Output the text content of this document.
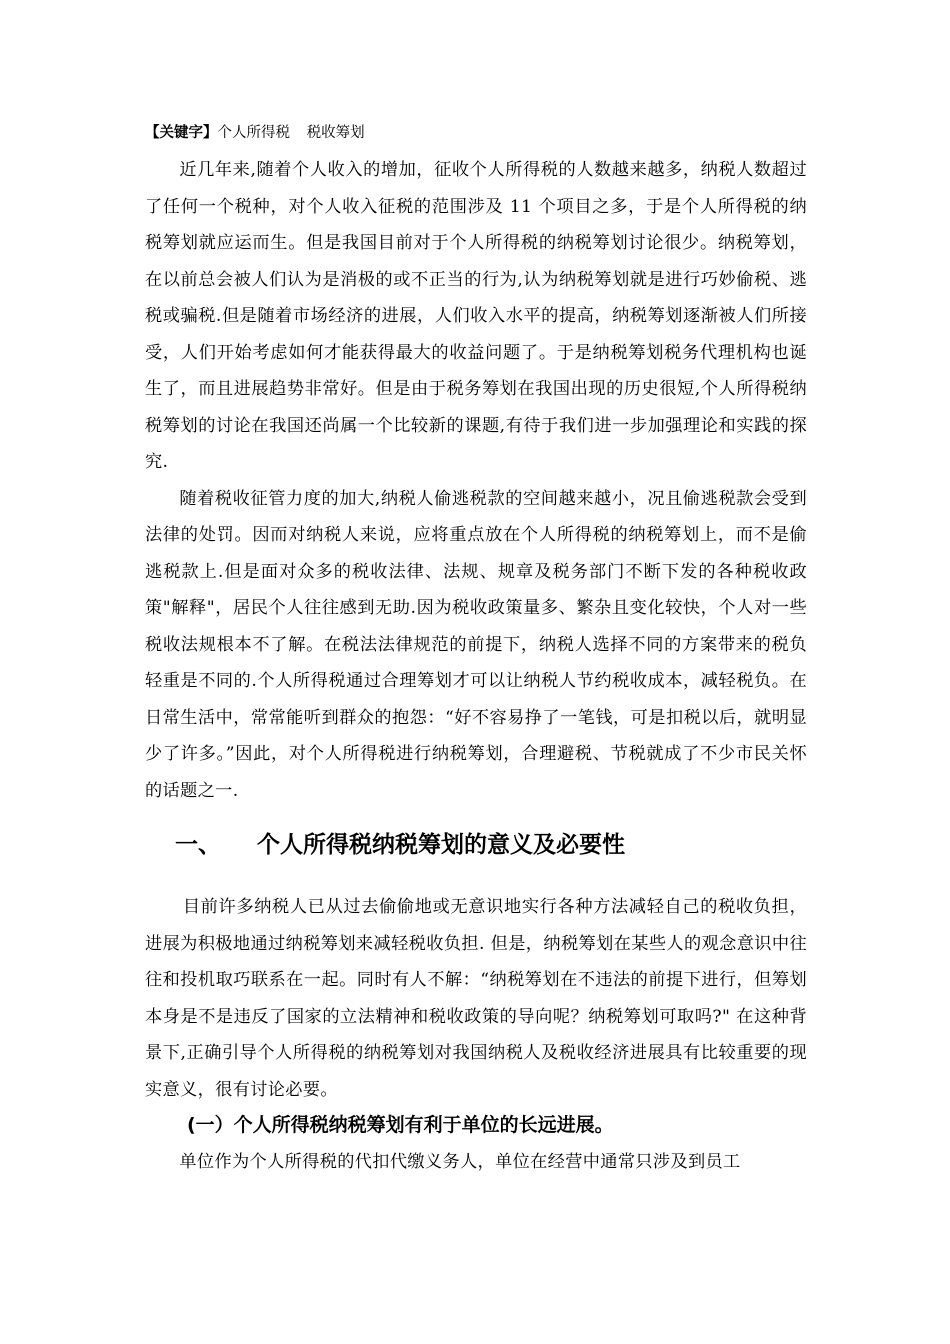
【关键字】个人所得税 税收筹划

近几年来,随着个人收入的增加，征收个人所得税的人数越来越多，纳税人数超过了任何一个税种，对个人收入征税的范围涉及 11 个项目之多，于是个人所得税的纳税筹划就应运而生。但是我国目前对于个人所得税的纳税筹划讨论很少。纳税筹划，在以前总会被人们认为是消极的或不正当的行为,认为纳税筹划就是进行巧妙偷税、逃税或骗税.但是随着市场经济的进展，人们收入水平的提高，纳税筹划逐渐被人们所接受，人们开始考虑如何才能获得最大的收益问题了。于是纳税筹划税务代理机构也诞生了，而且进展趋势非常好。但是由于税务筹划在我国出现的历史很短,个人所得税纳税筹划的讨论在我国还尚属一个比较新的课题,有待于我们进一步加强理论和实践的探究.

随着税收征管力度的加大,纳税人偷逃税款的空间越来越小，况且偷逃税款会受到法律的处罚。因而对纳税人来说，应将重点放在个人所得税的纳税筹划上，而不是偷逃税款上.但是面对众多的税收法律、法规、规章及税务部门不断下发的各种税收政策"解释"，居民个人往往感到无助.因为税收政策量多、繁杂且变化较快，个人对一些税收法规根本不了解。在税法法律规范的前提下，纳税人选择不同的方案带来的税负轻重是不同的.个人所得税通过合理筹划才可以让纳税人节约税收成本，减轻税负。在日常生活中，常常能听到群众的抱怨：“好不容易挣了一笔钱，可是扣税以后，就明显少了许多。”因此，对个人所得税进行纳税筹划，合理避税、节税就成了不少市民关怀的话题之一.

一、 个人所得税纳税筹划的意义及必要性

目前许多纳税人已从过去偷偷地或无意识地实行各种方法减轻自己的税收负担，进展为积极地通过纳税筹划来减轻税收负担. 但是，纳税筹划在某些人的观念意识中往往和投机取巧联系在一起。同时有人不解：“纳税筹划在不违法的前提下进行，但筹划本身是不是违反了国家的立法精神和税收政策的导向呢？纳税筹划可取吗?" 在这种背景下,正确引导个人所得税的纳税筹划对我国纳税人及税收经济进展具有比较重要的现实意义，很有讨论必要。

(一）个人所得税纳税筹划有利于单位的长远进展。

单位作为个人所得税的代扣代缴义务人，单位在经营中通常只涉及到员工
